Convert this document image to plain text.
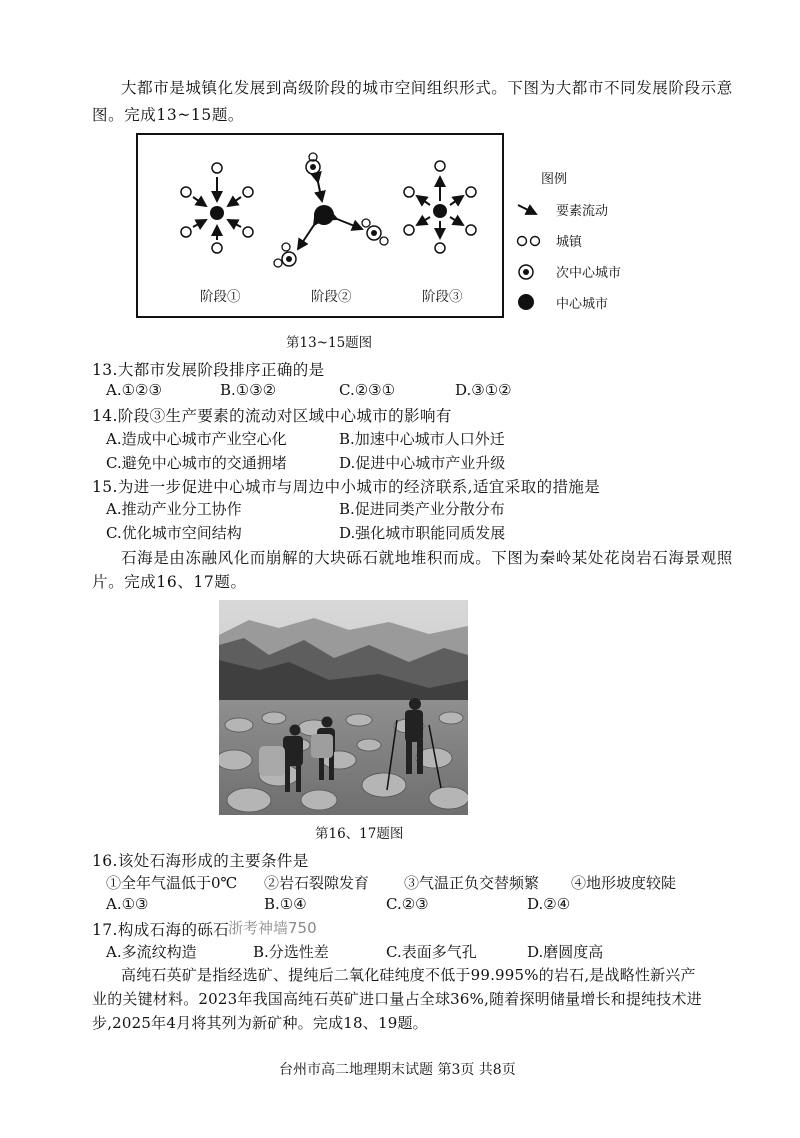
大都市是城镇化发展到高级阶段的城市空间组织形式。下图为大都市不同发展阶段示意
图。完成13~15题。
阶段①	阶段②	阶段③
图例
要素流动
城镇
次中心城市
中心城市
第13~15题图
13.大都市发展阶段排序正确的是
A.①②③	B.①③②	C.②③①	D.③①②
14.阶段③生产要素的流动对区域中心城市的影响有
A.造成中心城市产业空心化	B.加速中心城市人口外迁
C.避免中心城市的交通拥堵	D.促进中心城市产业升级
15.为进一步促进中心城市与周边中小城市的经济联系,适宜采取的措施是
A.推动产业分工协作	B.促进同类产业分散分布
C.优化城市空间结构	D.强化城市职能同质发展
石海是由冻融风化而崩解的大块砾石就地堆积而成。下图为秦岭某处花岗岩石海景观照
片。完成16、17题。
第16、17题图
16.该处石海形成的主要条件是
①全年气温低于0℃ ②岩石裂隙发育 ③气温正负交替频繁 ④地形坡度较陡
A.①③	B.①④	C.②③	D.②④
17.构成石海的砾石
浙考神墙750
A.多流纹构造	B.分选性差	C.表面多气孔	D.磨圆度高
高纯石英矿是指经选矿、提纯后二氧化硅纯度不低于99.995%的岩石,是战略性新兴产
业的关键材料。2023年我国高纯石英矿进口量占全球36%,随着探明储量增长和提纯技术进
步,2025年4月将其列为新矿种。完成18、19题。
台州市高二地理期末试题 第3页 共8页
